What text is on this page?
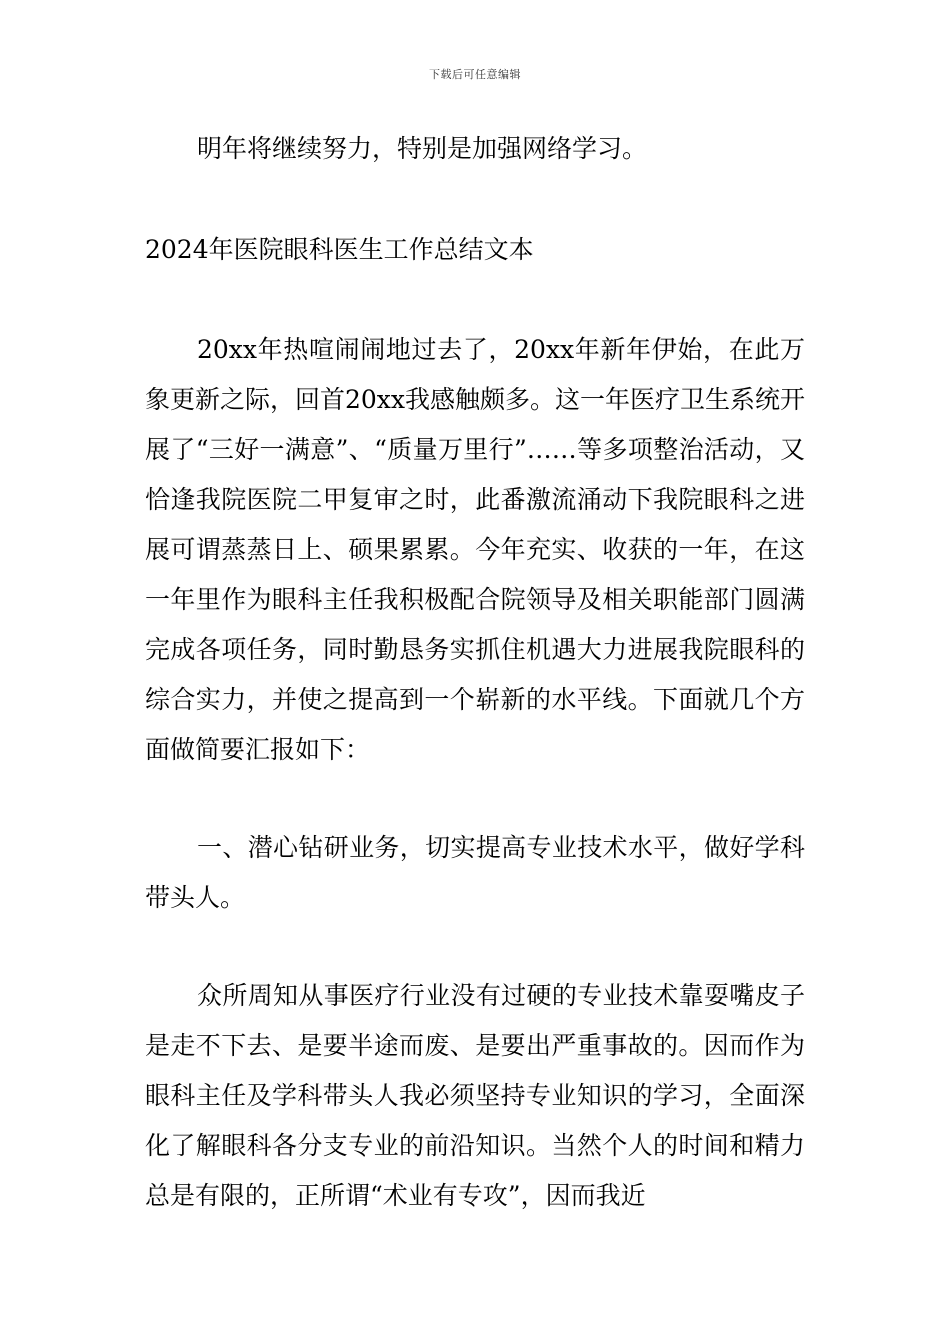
下载后可任意编辑

明年将继续努力，特别是加强网络学习。

2024年医院眼科医生工作总结文本

20xx年热喧闹闹地过去了，20xx年新年伊始，在此万象更新之际，回首20xx我感触颇多。这一年医疗卫生系统开展了“三好一满意”、“质量万里行”……等多项整治活动，又恰逢我院医院二甲复审之时，此番激流涌动下我院眼科之进展可谓蒸蒸日上、硕果累累。今年充实、收获的一年，在这一年里作为眼科主任我积极配合院领导及相关职能部门圆满完成各项任务，同时勤恳务实抓住机遇大力进展我院眼科的综合实力，并使之提高到一个崭新的水平线。下面就几个方面做简要汇报如下：

一、潜心钻研业务，切实提高专业技术水平，做好学科带头人。

众所周知从事医疗行业没有过硬的专业技术靠耍嘴皮子是走不下去、是要半途而废、是要出严重事故的。因而作为眼科主任及学科带头人我必须坚持专业知识的学习，全面深化了解眼科各分支专业的前沿知识。当然个人的时间和精力总是有限的，正所谓“术业有专攻”，因而我近
